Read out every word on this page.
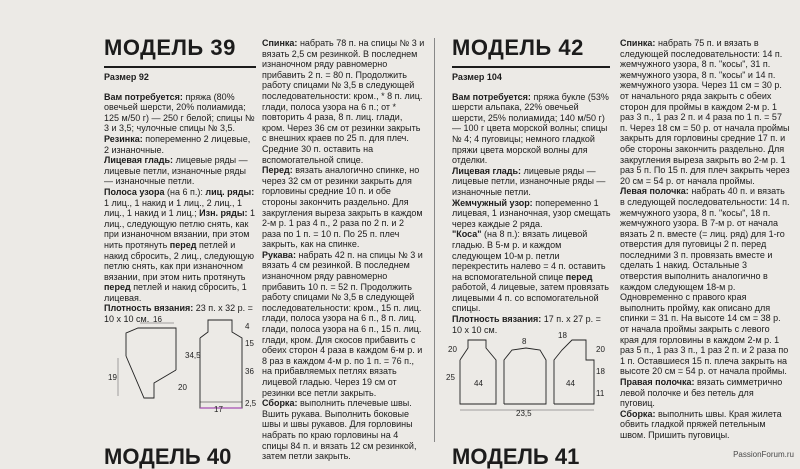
МОДЕЛЬ 39

Размер 92

Вам потребуется: пряжа (80% овечьей шерсти, 20% полиамида; 125 м/50 г) — 250 г белой; спицы № 3 и 3,5; чулочные спицы № 3,5.

Резинка: попеременно 2 лицевые, 2 изнаночные.

Лицевая гладь: лицевые ряды — лицевые петли, изнаночные ряды — изнаночные петли.

Полоса узора (на 6 п.): лиц. ряды: 1 лиц., 1 накид и 1 лиц., 2 лиц., 1 лиц., 1 накид и 1 лиц.; Изн. ряды: 1 лиц., следующую петлю снять, как при изнаночном вязании, при этом нить протянуть перед петлей и накид сбросить, 2 лиц., следующую петлю снять, как при изнаночном вязании, при этом нить протянуть перед петлей и накид сбросить, 1 лицевая.

Плотность вязания: 23 п. x 32 р. = 10 x 10 см. 16
19
20
34,5
15
4
36
2,5
17

Спинка: набрать 78 п. на спицы № 3 и вязать 2,5 см резинкой. В последнем изнаночном ряду равномерно прибавить 2 п. = 80 п. Продолжить работу спицами № 3,5 в следующей последовательности: кром., * 8 п. лиц. глади, полоса узора на 6 п.; от * повторить 4 раза, 8 п. лиц. глади, кром. Через 36 см от резинки закрыть с внешних краев по 25 п. для плеч. Средние 30 п. оставить на вспомогательной спице.

Перед: вязать аналогично спинке, но через 32 см от резинки закрыть для горловины средние 10 п. и обе стороны закончить раздельно. Для закругления выреза закрыть в каждом 2-м р. 1 раз 4 п., 2 раза по 2 п. и 2 раза по 1 п. = 10 п. По 25 п. плеч закрыть, как на спинке.

Рукава: набрать 42 п. на спицы № 3 и вязать 4 см резинкой. В последнем изнаночном ряду равномерно прибавить 10 п. = 52 п. Продолжить работу спицами № 3,5 в следующей последовательности: кром., 15 п. лиц. глади, полоса узора на 6 п., 8 п. лиц. глади, полоса узора на 6 п., 15 п. лиц. глади, кром. Для скосов прибавить с обеих сторон 4 раза в каждом 6-м р. и 8 раз в каждом 4-м р. по 1 п. = 76 п., на прибавляемых петлях вязать лицевой гладью. Через 19 см от резинки все петли закрыть.

Сборка: выполнить плечевые швы. Вшить рукава. Выполнить боковые швы и швы рукавов. Для горловины набрать по краю горловины на 4 спицы 84 п. и вязать 12 см резинкой, затем петли закрыть.

МОДЕЛЬ 42

Размер 104

Вам потребуется: пряжа букле (53% шерсти альпака, 22% овечьей шерсти, 25% полиамида; 140 м/50 г) — 100 г цвета морской волны; спицы № 4; 4 пуговицы; немного гладкой пряжи цвета морской волны для отделки.

Лицевая гладь: лицевые ряды — лицевые петли, изнаночные ряды — изнаночные петли.

Жемчужный узор: попеременно 1 лицевая, 1 изнаночная, узор смещать через каждые 2 ряда.

"Коса" (на 8 п.): вязать лицевой гладью. В 5-м р. и каждом следующем 10-м р. петли перекрестить налево = 4 п. оставить на вспомогательной спице перед работой, 4 лицевые, затем провязать лицевыми 4 п. со вспомогательной спицы.

Плотность вязания: 17 п. x 27 р. = 10 x 10 см.

20
25
20
18
44
8
11
18
23,5
44

Спинка: набрать 75 п. и вязать в следующей последовательности: 14 п. жемчужного узора, 8 п. "косы", 31 п. жемчужного узора, 8 п. "косы" и 14 п. жемчужного узора. Через 11 см = 30 р. от начального ряда закрыть с обеих сторон для проймы в каждом 2-м р. 1 раз 3 п., 1 раз 2 п. и 4 раза по 1 п. = 57 п. Через 18 см = 50 р. от начала проймы закрыть для горловины средние 17 п. и обе стороны закончить раздельно. Для закругления выреза закрыть во 2-м р. 1 раз 5 п. По 15 п. для плеч закрыть через 20 см = 54 р. от начала проймы.

Левая полочка: набрать 40 п. и вязать в следующей последовательности: 14 п. жемчужного узора, 8 п. "косы", 18 п. жемчужного узора. В 7-м р. от начала вязать 2 п. вместе (= лиц. ряд) для 1-го отверстия для пуговицы 2 п. перед последними 3 п. провязать вместе и сделать 1 накид. Остальные 3 отверстия выполнить аналогично в каждом следующем 18-м р. Одновременно с правого края выполнить пройму, как описано для спинки = 31 п. На высоте 14 см = 38 р. от начала проймы закрыть с левого края для горловины в каждом 2-м р. 1 раз 5 п., 1 раз 3 п., 1 раз 2 п. и 2 раза по 1 п. Оставшиеся 15 п. плеча закрыть на высоте 20 см = 54 р. от начала проймы.

Правая полочка: вязать симметрично левой полочке и без петель для пуговиц.

Сборка: выполнить швы. Края жилета обвить гладкой пряжей петельным швом. Пришить пуговицы.

МОДЕЛЬ 40	МОДЕЛЬ 41	PassionForum.ru
